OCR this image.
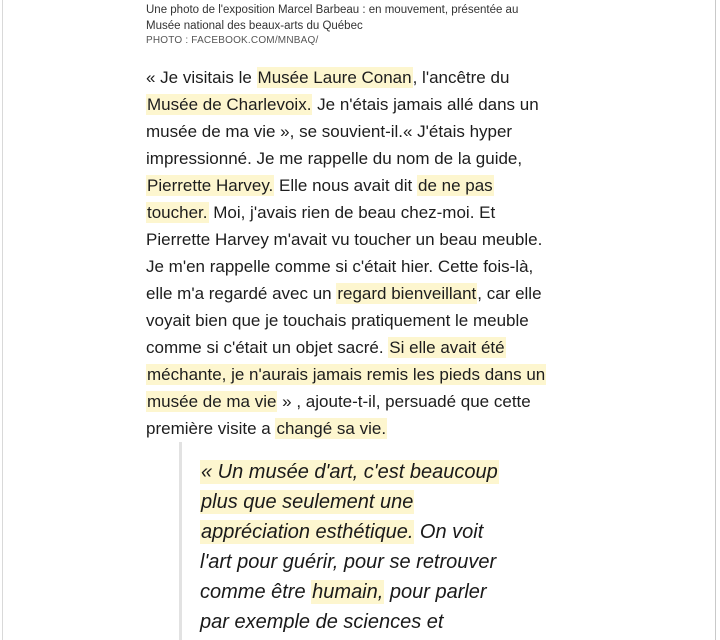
Une photo de l'exposition Marcel Barbeau : en mouvement, présentée au
Musée national des beaux-arts du Québec
PHOTO : FACEBOOK.COM/MNBAQ/
« Je visitais le Musée Laure Conan, l'ancêtre du
Musée de Charlevoix. Je n'étais jamais allé dans un
musée de ma vie », se souvient-il.« J'étais hyper
impressionné. Je me rappelle du nom de la guide,
Pierrette Harvey. Elle nous avait dit de ne pas
toucher. Moi, j'avais rien de beau chez-moi. Et
Pierrette Harvey m'avait vu toucher un beau meuble.
Je m'en rappelle comme si c'était hier. Cette fois-là,
elle m'a regardé avec un regard bienveillant, car elle
voyait bien que je touchais pratiquement le meuble
comme si c'était un objet sacré. Si elle avait été
méchante, je n'aurais jamais remis les pieds dans un
musée de ma vie » , ajoute-t-il, persuadé que cette
première visite a changé sa vie.
« Un musée d'art, c'est beaucoup
plus que seulement une
appréciation esthétique. On voit
l'art pour guérir, pour se retrouver
comme être humain, pour parler
par exemple de sciences et
